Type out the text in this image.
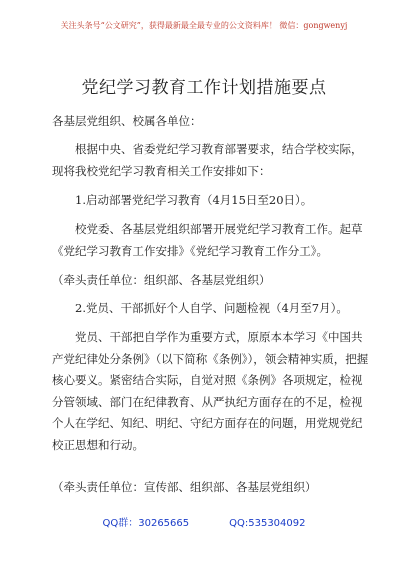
关注头条号“公文研究”，获得最新最全最专业的公文资料库！ 微信：gongwenyj
党纪学习教育工作计划措施要点

各基层党组织、校属各单位：

根据中央、省委党纪学习教育部署要求，结合学校实际，现将我校党纪学习教育相关工作安排如下：

1.启动部署党纪学习教育（4月15日至20日）。

校党委、各基层党组织部署开展党纪学习教育工作。起草《党纪学习教育工作安排》《党纪学习教育工作分工》。

（牵头责任单位：组织部、各基层党组织）

2.党员、干部抓好个人自学、问题检视（4月至7月）。

党员、干部把自学作为重要方式，原原本本学习《中国共产党纪律处分条例》（以下简称《条例》），领会精神实质，把握核心要义。紧密结合实际，自觉对照《条例》各项规定，检视分管领域、部门在纪律教育、从严执纪方面存在的不足，检视个人在学纪、知纪、明纪、守纪方面存在的问题，用党规党纪校正思想和行动。

（牵头责任单位：宣传部、组织部、各基层党组织）

QQ群：30265665	QQ:535304092
